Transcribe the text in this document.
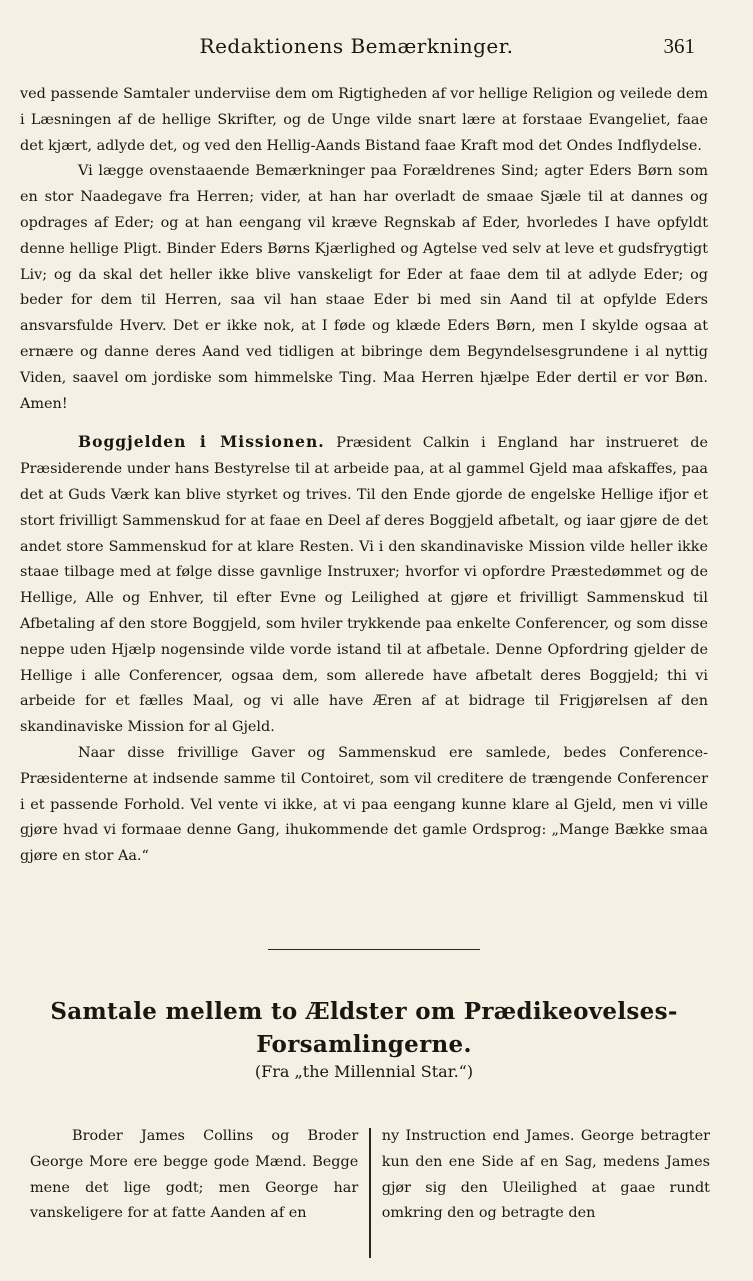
Redaktionens Bemærkninger.	361

ved passende Samtaler underviise dem om Rigtigheden af vor hellige Religion og veilede dem i Læsningen af de hellige Skrifter, og de Unge vilde snart lære at forstaae Evangeliet, faae det kjært, adlyde det, og ved den Hellig-Aands Bistand faae Kraft mod det Ondes Indflydelse.

Vi lægge ovenstaaende Bemærkninger paa Forældrenes Sind; agter Eders Børn som en stor Naadegave fra Herren; vider, at han har overladt de smaae Sjæle til at dannes og opdrages af Eder; og at han eengang vil kræve Regnskab af Eder, hvorledes I have opfyldt denne hellige Pligt. Binder Eders Børns Kjærlighed og Agtelse ved selv at leve et gudsfrygtigt Liv; og da skal det heller ikke blive vanskeligt for Eder at faae dem til at adlyde Eder; og beder for dem til Herren, saa vil han staae Eder bi med sin Aand til at opfylde Eders ansvarsfulde Hverv. Det er ikke nok, at I føde og klæde Eders Børn, men I skylde ogsaa at ernære og danne deres Aand ved tidligen at bibringe dem Begyndelsesgrundene i al nyttig Viden, saavel om jordiske som himmelske Ting. Maa Herren hjælpe Eder dertil er vor Bøn. Amen!

Boggjelden i Missionen. Præsident Calkin i England har instrueret de Præsiderende under hans Bestyrelse til at arbeide paa, at al gammel Gjeld maa afskaffes, paa det at Guds Værk kan blive styrket og trives. Til den Ende gjorde de engelske Hellige ifjor et stort frivilligt Sammenskud for at faae en Deel af deres Boggjeld afbetalt, og iaar gjøre de det andet store Sammenskud for at klare Resten. Vi i den skandinaviske Mission vilde heller ikke staae tilbage med at følge disse gavnlige Instruxer; hvorfor vi opfordre Præstedømmet og de Hellige, Alle og Enhver, til efter Evne og Leilighed at gjøre et frivilligt Sammenskud til Afbetaling af den store Boggjeld, som hviler trykkende paa enkelte Conferencer, og som disse neppe uden Hjælp nogensinde vilde vorde istand til at afbetale. Denne Opfordring gjelder de Hellige i alle Conferencer, ogsaa dem, som allerede have afbetalt deres Boggjeld; thi vi arbeide for et fælles Maal, og vi alle have Æren af at bidrage til Frigjørelsen af den skandinaviske Mission for al Gjeld.

Naar disse frivillige Gaver og Sammenskud ere samlede, bedes Conference-Præsidenterne at indsende samme til Contoiret, som vil creditere de trængende Conferencer i et passende Forhold. Vel vente vi ikke, at vi paa eengang kunne klare al Gjeld, men vi ville gjøre hvad vi formaae denne Gang, ihukommende det gamle Ordsprog: „Mange Bække smaa gjøre en stor Aa.“

Samtale mellem to Ældster om Prædikeovelses-Forsamlingerne.
(Fra „the Millennial Star.“)

Broder James Collins og Broder George More ere begge gode Mænd. Begge mene det lige godt; men George har vanskeligere for at fatte Aanden af en

ny Instruction end James. George betragter kun den ene Side af en Sag, medens James gjør sig den Uleilighed at gaae rundt omkring den og betragte den
